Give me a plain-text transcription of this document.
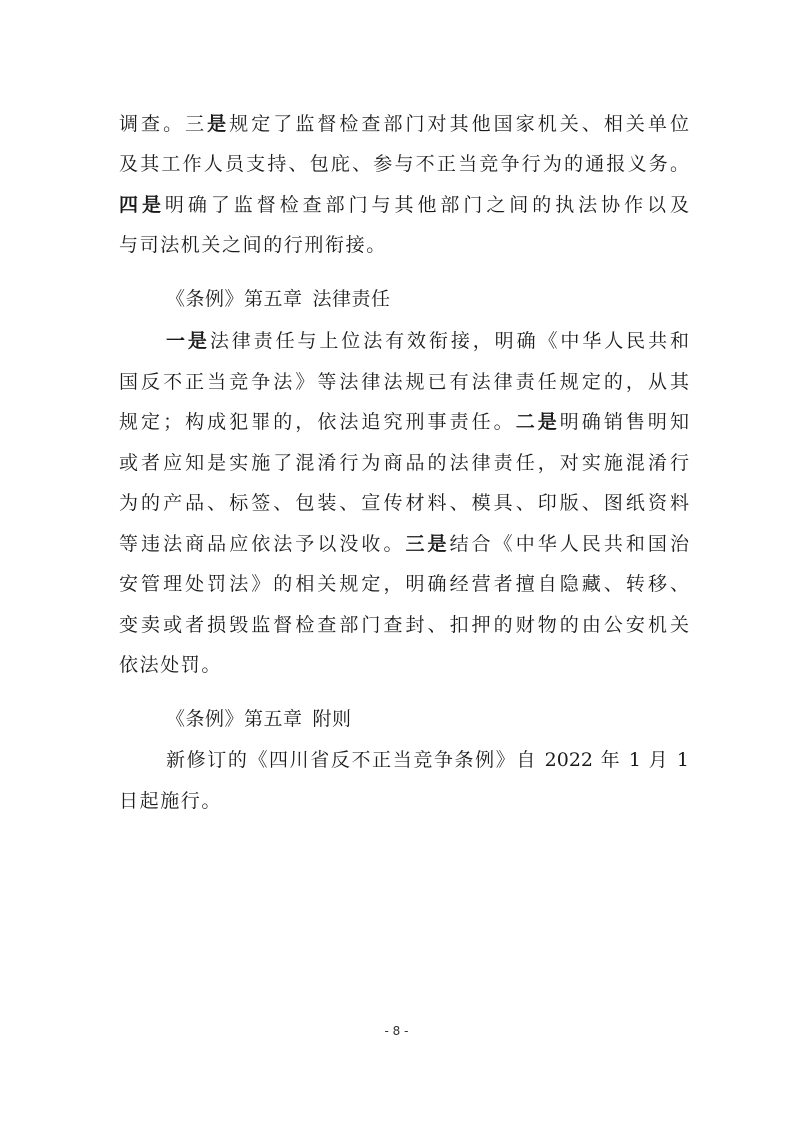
调查。三是规定了监督检查部门对其他国家机关、相关单位
及其工作人员支持、包庇、参与不正当竞争行为的通报义务。
四是明确了监督检查部门与其他部门之间的执法协作以及
与司法机关之间的行刑衔接。
《条例》第五章 法律责任
一是法律责任与上位法有效衔接，明确《中华人民共和
国反不正当竞争法》等法律法规已有法律责任规定的，从其
规定；构成犯罪的，依法追究刑事责任。二是明确销售明知
或者应知是实施了混淆行为商品的法律责任，对实施混淆行
为的产品、标签、包装、宣传材料、模具、印版、图纸资料
等违法商品应依法予以没收。三是结合《中华人民共和国治
安管理处罚法》的相关规定，明确经营者擅自隐藏、转移、
变卖或者损毁监督检查部门查封、扣押的财物的由公安机关
依法处罚。
《条例》第五章 附则
新修订的《四川省反不正当竞争条例》自 2022 年 1 月 1
日起施行。
- 8 -
